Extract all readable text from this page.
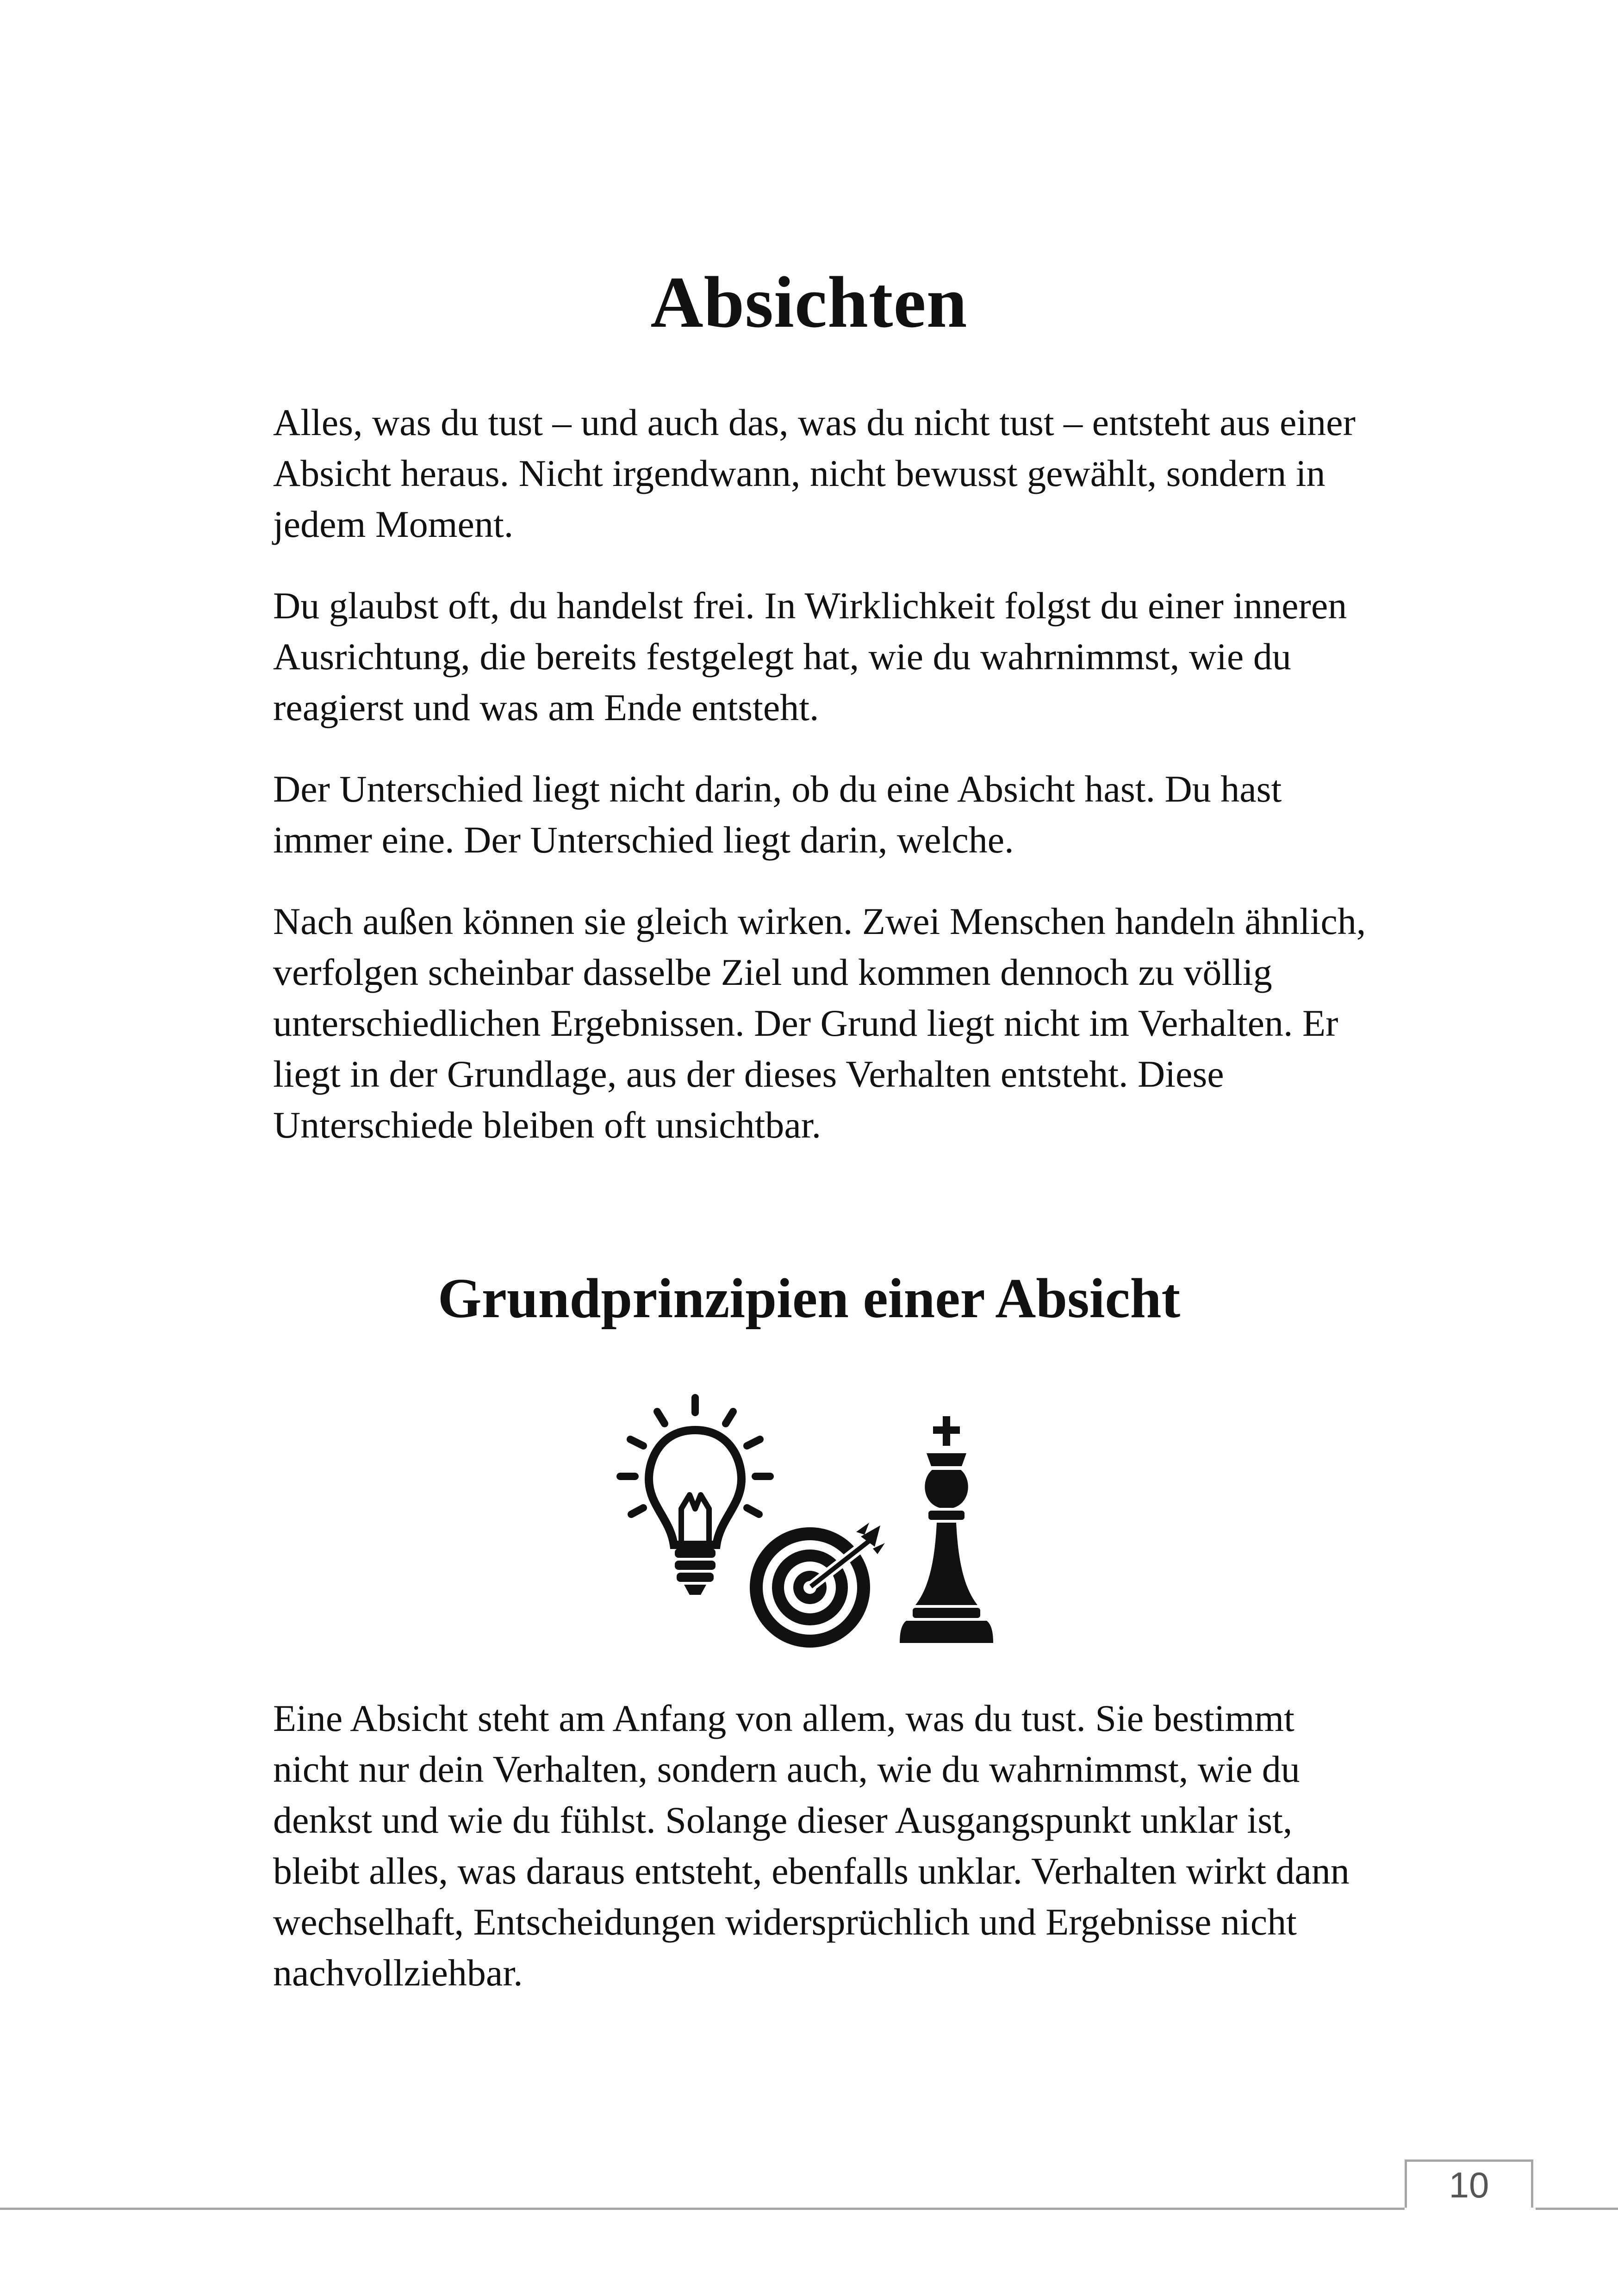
Absichten

Alles, was du tust – und auch das, was du nicht tust – entsteht aus einer Absicht heraus. Nicht irgendwann, nicht bewusst gewählt, sondern in jedem Moment.

Du glaubst oft, du handelst frei. In Wirklichkeit folgst du einer inneren Ausrichtung, die bereits festgelegt hat, wie du wahrnimmst, wie du reagierst und was am Ende entsteht.

Der Unterschied liegt nicht darin, ob du eine Absicht hast. Du hast immer eine. Der Unterschied liegt darin, welche.

Nach außen können sie gleich wirken. Zwei Menschen handeln ähnlich, verfolgen scheinbar dasselbe Ziel und kommen dennoch zu völlig unterschiedlichen Ergebnissen. Der Grund liegt nicht im Verhalten. Er liegt in der Grundlage, aus der dieses Verhalten entsteht. Diese Unterschiede bleiben oft unsichtbar.

Grundprinzipien einer Absicht

Eine Absicht steht am Anfang von allem, was du tust. Sie bestimmt nicht nur dein Verhalten, sondern auch, wie du wahrnimmst, wie du denkst und wie du fühlst. Solange dieser Ausgangspunkt unklar ist, bleibt alles, was daraus entsteht, ebenfalls unklar. Verhalten wirkt dann wechselhaft, Entscheidungen widersprüchlich und Ergebnisse nicht nachvollziehbar.

10
